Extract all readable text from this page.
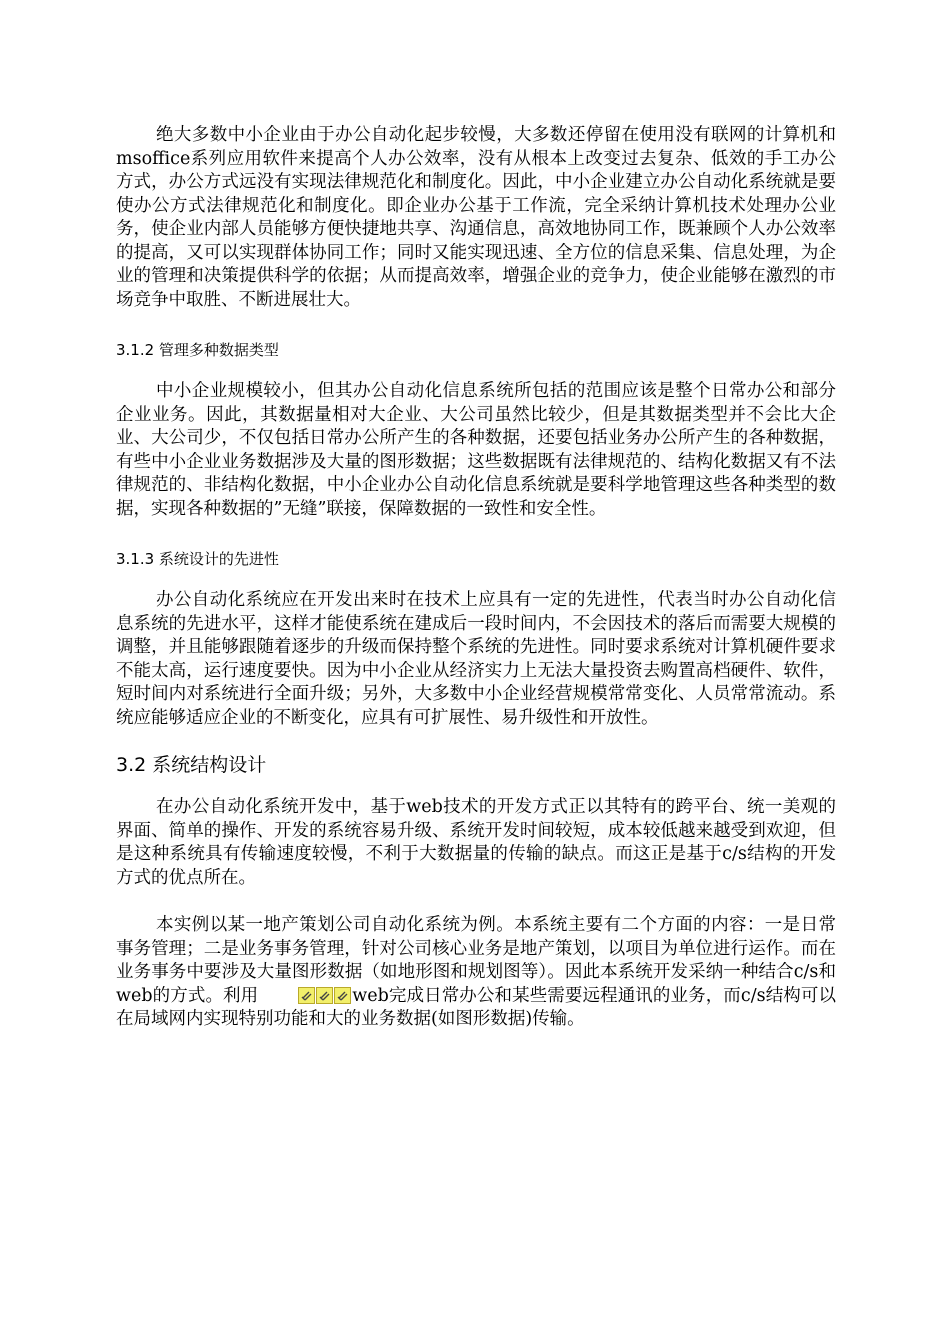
绝大多数中小企业由于办公自动化起步较慢，大多数还停留在使用没有联网的计算机和msoffice系列应用软件来提高个人办公效率，没有从根本上改变过去复杂、低效的手工办公方式，办公方式远没有实现法律规范化和制度化。因此，中小企业建立办公自动化系统就是要使办公方式法律规范化和制度化。即企业办公基于工作流，完全采纳计算机技术处理办公业务，使企业内部人员能够方便快捷地共享、沟通信息，高效地协同工作，既兼顾个人办公效率的提高，又可以实现群体协同工作；同时又能实现迅速、全方位的信息采集、信息处理，为企业的管理和决策提供科学的依据；从而提高效率，增强企业的竞争力，使企业能够在激烈的市场竞争中取胜、不断进展壮大。

3.1.2 管理多种数据类型

中小企业规模较小，但其办公自动化信息系统所包括的范围应该是整个日常办公和部分企业业务。因此，其数据量相对大企业、大公司虽然比较少，但是其数据类型并不会比大企业、大公司少，不仅包括日常办公所产生的各种数据，还要包括业务办公所产生的各种数据，有些中小企业业务数据涉及大量的图形数据；这些数据既有法律规范的、结构化数据又有不法律规范的、非结构化数据，中小企业办公自动化信息系统就是要科学地管理这些各种类型的数据，实现各种数据的”无缝”联接，保障数据的一致性和安全性。

3.1.3 系统设计的先进性

办公自动化系统应在开发出来时在技术上应具有一定的先进性，代表当时办公自动化信息系统的先进水平，这样才能使系统在建成后一段时间内，不会因技术的落后而需要大规模的调整，并且能够跟随着逐步的升级而保持整个系统的先进性。同时要求系统对计算机硬件要求不能太高，运行速度要快。因为中小企业从经济实力上无法大量投资去购置高档硬件、软件，短时间内对系统进行全面升级；另外，大多数中小企业经营规模常常变化、人员常常流动。系统应能够适应企业的不断变化，应具有可扩展性、易升级性和开放性。

3.2 系统结构设计

在办公自动化系统开发中，基于web技术的开发方式正以其特有的跨平台、统一美观的界面、简单的操作、开发的系统容易升级、系统开发时间较短，成本较低越来越受到欢迎，但是这种系统具有传输速度较慢，不利于大数据量的传输的缺点。而这正是基于c/s结构的开发方式的优点所在。

本实例以某一地产策划公司自动化系统为例。本系统主要有二个方面的内容：一是日常事务管理；二是业务事务管理，针对公司核心业务是地产策划，以项目为单位进行运作。而在业务事务中要涉及大量图形数据（如地形图和规划图等）。因此本系统开发采纳一种结合c/s和web的方式。利用	web完成日常办公和某些需要远程通讯的业务，而c/s结构可以在局域网内实现特别功能和大的业务数据(如图形数据)传输。
